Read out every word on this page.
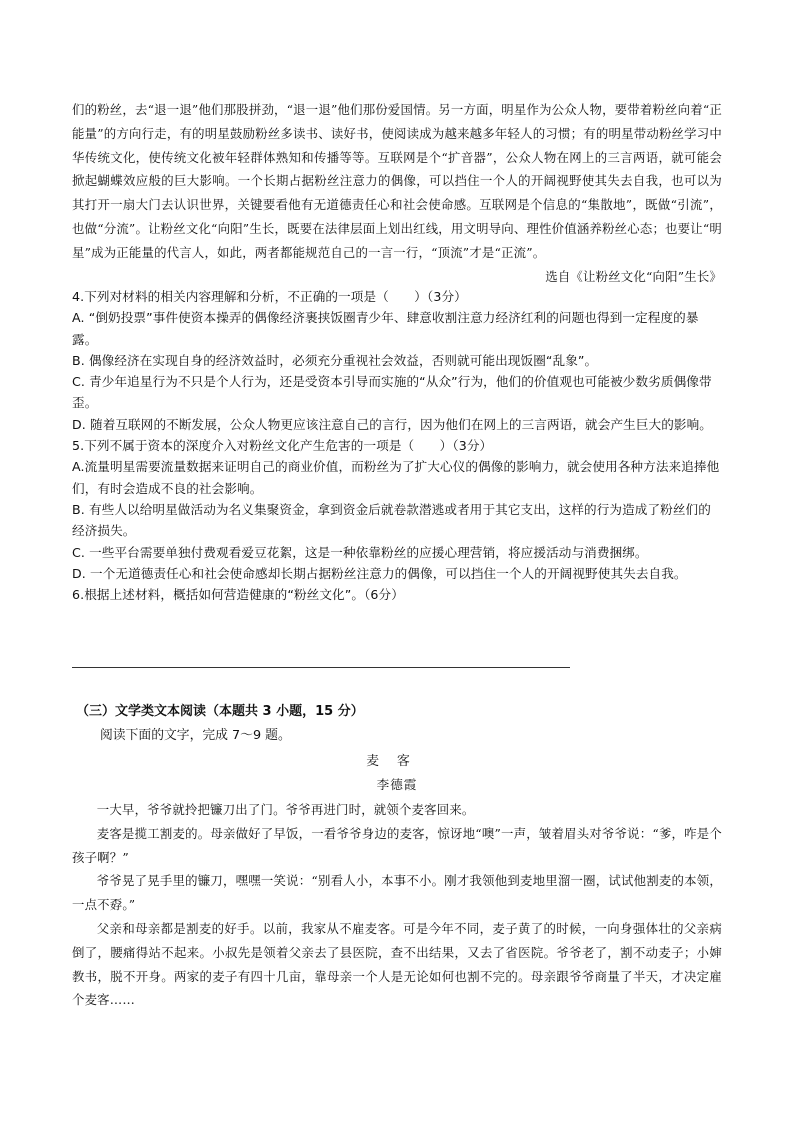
们的粉丝，去“退一退”他们那股拼劲，“退一退”他们那份爱国情。另一方面，明星作为公众人物，要带着粉丝向着“正能量”的方向行走，有的明星鼓励粉丝多读书、读好书，使阅读成为越来越多年轻人的习惯；有的明星带动粉丝学习中华传统文化，使传统文化被年轻群体熟知和传播等等。互联网是个“扩音器”，公众人物在网上的三言两语，就可能会掀起蝴蝶效应般的巨大影响。一个长期占据粉丝注意力的偶像，可以挡住一个人的开阔视野使其失去自我，也可以为其打开一扇大门去认识世界，关键要看他有无道德责任心和社会使命感。互联网是个信息的“集散地”，既做“引流”，也做“分流”。让粉丝文化“向阳”生长，既要在法律层面上划出红线，用文明导向、理性价值涵养粉丝心态；也要让“明星”成为正能量的代言人，如此，两者都能规范自己的一言一行，“顶流”才是“正流”。

选自《让粉丝文化“向阳”生长》

4.下列对材料的相关内容理解和分析，不正确的一项是（　　）（3分）

A. “倒奶投票”事件使资本操弄的偶像经济裹挟饭圈青少年、肆意收割注意力经济红利的问题也得到一定程度的暴露。

B. 偶像经济在实现自身的经济效益时，必须充分重视社会效益，否则就可能出现饭圈“乱象”。

C. 青少年追星行为不只是个人行为，还是受资本引导而实施的“从众”行为，他们的价值观也可能被少数劣质偶像带歪。

D. 随着互联网的不断发展，公众人物更应该注意自己的言行，因为他们在网上的三言两语，就会产生巨大的影响。

5.下列不属于资本的深度介入对粉丝文化产生危害的一项是（　　）（3分）

A.流量明星需要流量数据来证明自己的商业价值，而粉丝为了扩大心仪的偶像的影响力，就会使用各种方法来追捧他们，有时会造成不良的社会影响。

B. 有些人以给明星做活动为名义集聚资金，拿到资金后就卷款潜逃或者用于其它支出，这样的行为造成了粉丝们的经济损失。

C. 一些平台需要单独付费观看爱豆花絮，这是一种依靠粉丝的应援心理营销，将应援活动与消费捆绑。

D. 一个无道德责任心和社会使命感却长期占据粉丝注意力的偶像，可以挡住一个人的开阔视野使其失去自我。

6.根据上述材料，概括如何营造健康的“粉丝文化”。（6分）

（三）文学类文本阅读（本题共 3 小题，15 分）
阅读下面的文字，完成 7～9 题。
麦客
李德霞

一大早，爷爷就拎把镰刀出了门。爷爷再进门时，就领个麦客回来。

麦客是揽工割麦的。母亲做好了早饭，一看爷爷身边的麦客，惊讶地“噢”一声，皱着眉头对爷爷说：“爹，咋是个孩子啊？”

爷爷晃了晃手里的镰刀，嘿嘿一笑说：“别看人小，本事不小。刚才我领他到麦地里溜一圈，试试他割麦的本领，一点不孬。”

父亲和母亲都是割麦的好手。以前，我家从不雇麦客。可是今年不同，麦子黄了的时候，一向身强体壮的父亲病倒了，腰痛得站不起来。小叔先是领着父亲去了县医院，查不出结果，又去了省医院。爷爷老了，割不动麦子；小婶教书，脱不开身。两家的麦子有四十几亩，靠母亲一个人是无论如何也割不完的。母亲跟爷爷商量了半天，才决定雇个麦客……
